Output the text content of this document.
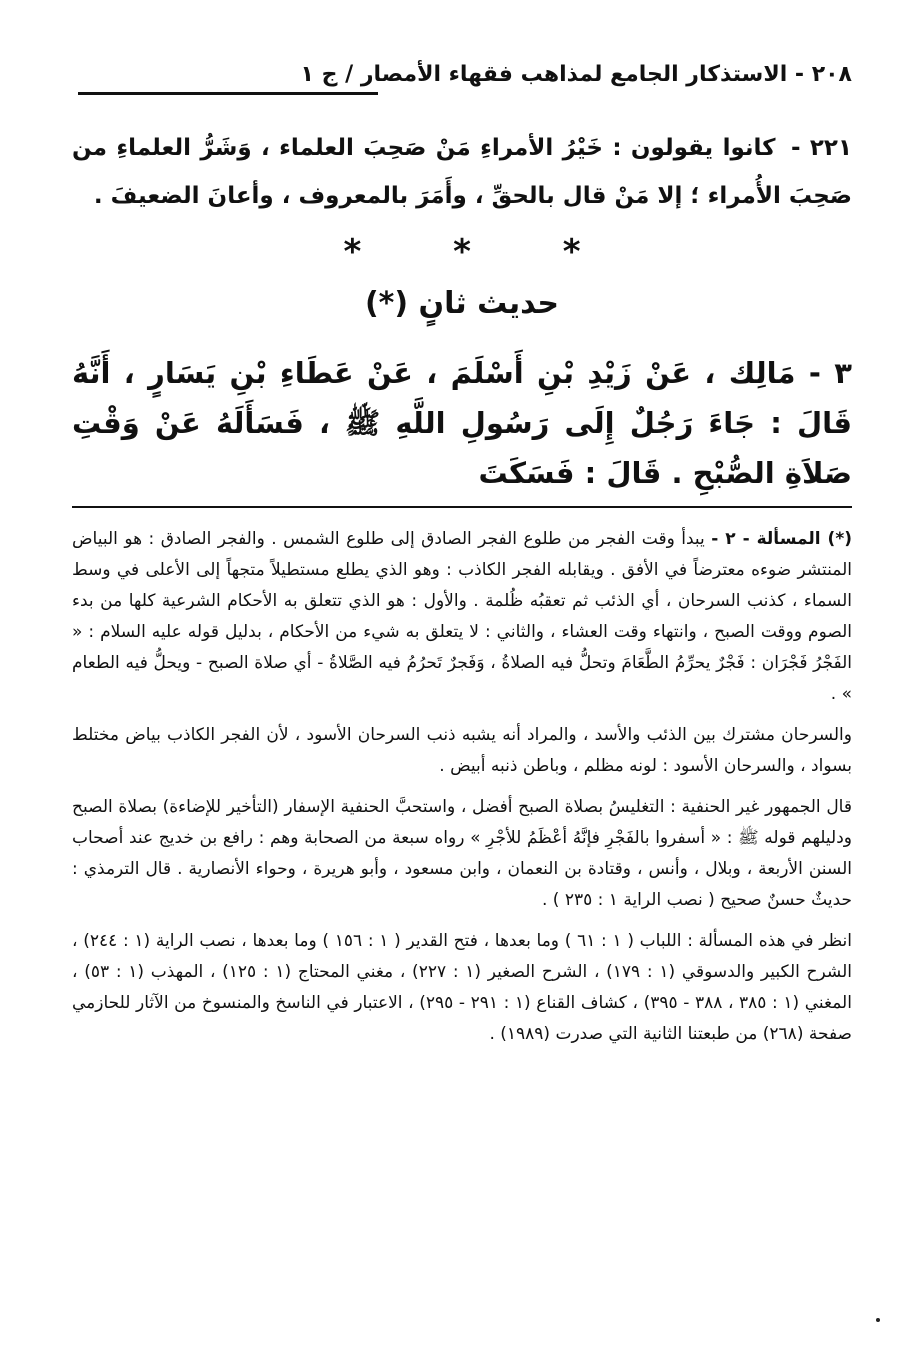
٢٠٨ - الاستذكار الجامع لمذاهب فقهاء الأمصار / ج ١
٢٢١ - كانوا يقولون : خَيْرُ الأمراءِ مَنْ صَحِبَ العلماء ، وَشَرُّ العلماءِ من صَحِبَ الأُمراء ؛ إلا مَنْ قال بالحقِّ ، وأَمَرَ بالمعروف ، وأعانَ الضعيفَ .
* * *
حديث ثانٍ (*)
٣ - مَالِك ، عَنْ زَيْدِ بْنِ أَسْلَمَ ، عَنْ عَطَاءِ بْنِ يَسَارٍ ، أَنَّهُ قَالَ : جَاءَ رَجُلٌ إِلَى رَسُولِ اللَّهِ ﷺ ، فَسَأَلَهُ عَنْ وَقْتِ صَلاَةِ الصُّبْحِ . قَالَ : فَسَكَتَ

(*) المسألة - ٢ - يبدأ وقت الفجر من طلوع الفجر الصادق إلى طلوع الشمس . والفجر الصادق : هو البياض المنتشر ضوءه معترضاً في الأفق . ويقابله الفجر الكاذب : وهو الذي يطلع مستطيلاً متجهاً إلى الأعلى في وسط السماء ، كذنب السرحان ، أي الذئب ثم تعقبُه ظُلمة . والأول : هو الذي تتعلق به الأحكام الشرعية كلها من بدء الصوم ووقت الصبح ، وانتهاء وقت العشاء ، والثاني : لا يتعلق به شيء من الأحكام ، بدليل قوله عليه السلام : « الفَجْرُ فَجْرَان : فَجْرٌ يحرِّمُ الطَّعَامَ وتحلُّ فيه الصلاةُ ، وَفَجرٌ تَحرُمُ فيه الصَّلاةُ - أي صلاة الصبح - ويحلُّ فيه الطعام » .

والسرحان مشترك بين الذئب والأسد ، والمراد أنه يشبه ذنب السرحان الأسود ، لأن الفجر الكاذب بياض مختلط بسواد ، والسرحان الأسود : لونه مظلم ، وباطن ذنبه أبيض .

قال الجمهور غير الحنفية : التغليسُ بصلاة الصبح أفضل ، واستحبَّ الحنفية الإسفار (التأخير للإضاءة) بصلاة الصبح ودليلهم قوله ﷺ : « أسفروا بالفَجْرِ فإنَّهُ أعْظَمُ للأجْرِ » رواه سبعة من الصحابة وهم : رافع بن خديج عند أصحاب السنن الأربعة ، وبلال ، وأنس ، وقتادة بن النعمان ، وابن مسعود ، وأبو هريرة ، وحواء الأنصارية . قال الترمذي : حديثٌ حسنٌ صحيح ( نصب الراية ١ : ٢٣٥ ) .

انظر في هذه المسألة : اللباب ( ١ : ٦١ ) وما بعدها ، فتح القدير ( ١ : ١٥٦ ) وما بعدها ، نصب الراية (١ : ٢٤٤) ، الشرح الكبير والدسوقي (١ : ١٧٩) ، الشرح الصغير (١ : ٢٢٧) ، مغني المحتاج (١ : ١٢٥) ، المهذب (١ : ٥٣) ، المغني (١ : ٣٨٥ ، ٣٨٨ - ٣٩٥) ، كشاف القناع (١ : ٢٩١ - ٢٩٥) ، الاعتبار في الناسخ والمنسوخ من الآثار للحازمي صفحة (٢٦٨) من طبعتنا الثانية التي صدرت (١٩٨٩) .
